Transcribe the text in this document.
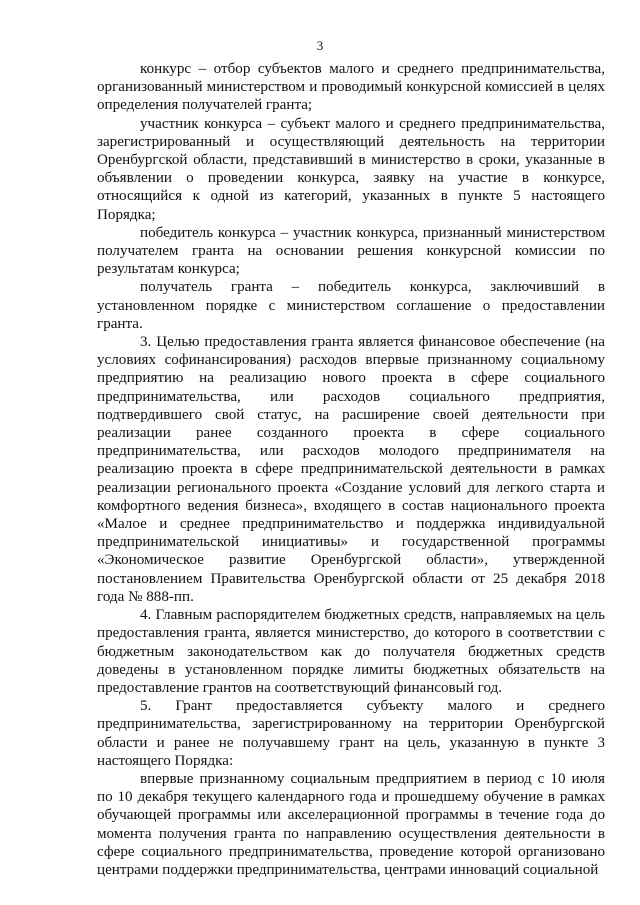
3

конкурс – отбор субъектов малого и среднего предпринимательства, организованный министерством и проводимый конкурсной комиссией в целях определения получателей гранта;

участник конкурса – субъект малого и среднего предпринимательства, зарегистрированный и осуществляющий деятельность на территории Оренбургской области, представивший в министерство в сроки, указанные в объявлении о проведении конкурса, заявку на участие в конкурсе, относящийся к одной из категорий, указанных в пункте 5 настоящего Порядка;

победитель конкурса – участник конкурса, признанный министерством получателем гранта на основании решения конкурсной комиссии по результатам конкурса;

получатель гранта – победитель конкурса, заключивший в установленном порядке с министерством соглашение о предоставлении гранта.

3. Целью предоставления гранта является финансовое обеспечение (на условиях софинансирования) расходов впервые признанному социальному предприятию на реализацию нового проекта в сфере социального предпринимательства, или расходов социального предприятия, подтвердившего свой статус, на расширение своей деятельности при реализации ранее созданного проекта в сфере социального предпринимательства, или расходов молодого предпринимателя на реализацию проекта в сфере предпринимательской деятельности в рамках реализации регионального проекта «Создание условий для легкого старта и комфортного ведения бизнеса», входящего в состав национального проекта «Малое и среднее предпринимательство и поддержка индивидуальной предпринимательской инициативы» и государственной программы «Экономическое развитие Оренбургской области», утвержденной постановлением Правительства Оренбургской области от 25 декабря 2018 года № 888-пп.

4. Главным распорядителем бюджетных средств, направляемых на цель предоставления гранта, является министерство, до которого в соответствии с бюджетным законодательством как до получателя бюджетных средств доведены в установленном порядке лимиты бюджетных обязательств на предоставление грантов на соответствующий финансовый год.

5. Грант предоставляется субъекту малого и среднего предпринимательства, зарегистрированному на территории Оренбургской области и ранее не получавшему грант на цель, указанную в пункте 3 настоящего Порядка:

впервые признанному социальным предприятием в период с 10 июля по 10 декабря текущего календарного года и прошедшему обучение в рамках обучающей программы или акселерационной программы в течение года до момента получения гранта по направлению осуществления деятельности в сфере социального предпринимательства, проведение которой организовано центрами поддержки предпринимательства, центрами инноваций социальной
